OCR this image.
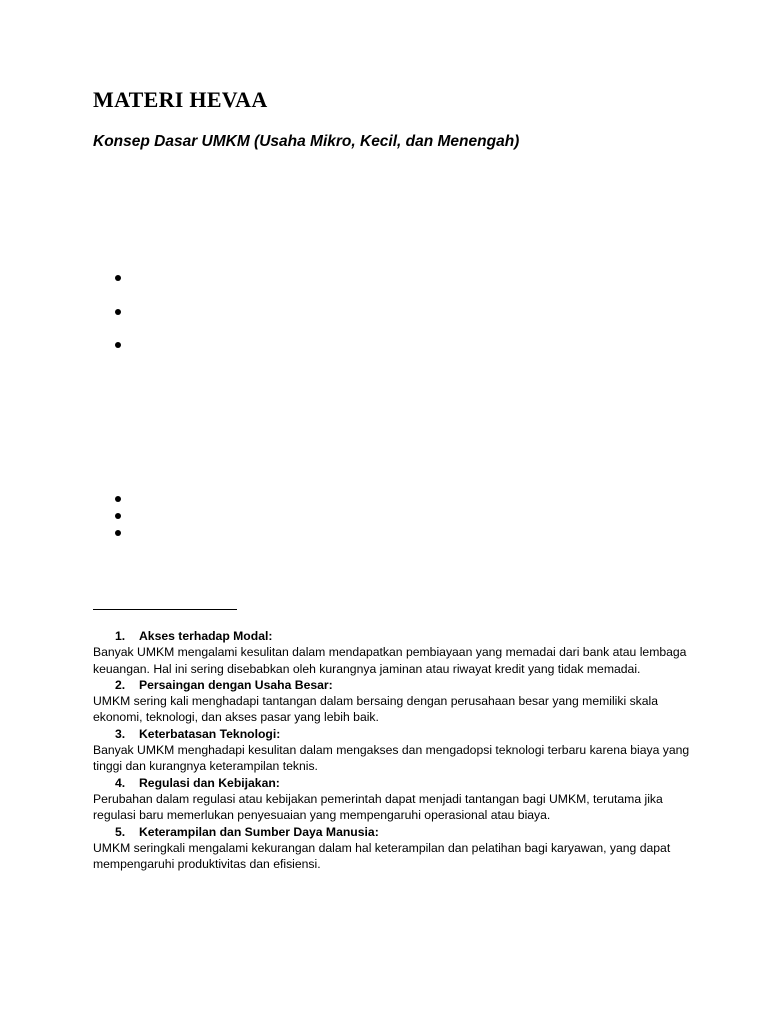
MATERI HEVAA
Konsep Dasar UMKM (Usaha Mikro, Kecil, dan Menengah)
1. Akses terhadap Modal:

Banyak UMKM mengalami kesulitan dalam mendapatkan pembiayaan yang memadai dari bank atau lembaga keuangan. Hal ini sering disebabkan oleh kurangnya jaminan atau riwayat kredit yang tidak memadai.

2. Persaingan dengan Usaha Besar:

UMKM sering kali menghadapi tantangan dalam bersaing dengan perusahaan besar yang memiliki skala ekonomi, teknologi, dan akses pasar yang lebih baik.

3. Keterbatasan Teknologi:

Banyak UMKM menghadapi kesulitan dalam mengakses dan mengadopsi teknologi terbaru karena biaya yang tinggi dan kurangnya keterampilan teknis.

4. Regulasi dan Kebijakan:

Perubahan dalam regulasi atau kebijakan pemerintah dapat menjadi tantangan bagi UMKM, terutama jika regulasi baru memerlukan penyesuaian yang mempengaruhi operasional atau biaya.

5. Keterampilan dan Sumber Daya Manusia:

UMKM seringkali mengalami kekurangan dalam hal keterampilan dan pelatihan bagi karyawan, yang dapat mempengaruhi produktivitas dan efisiensi.
